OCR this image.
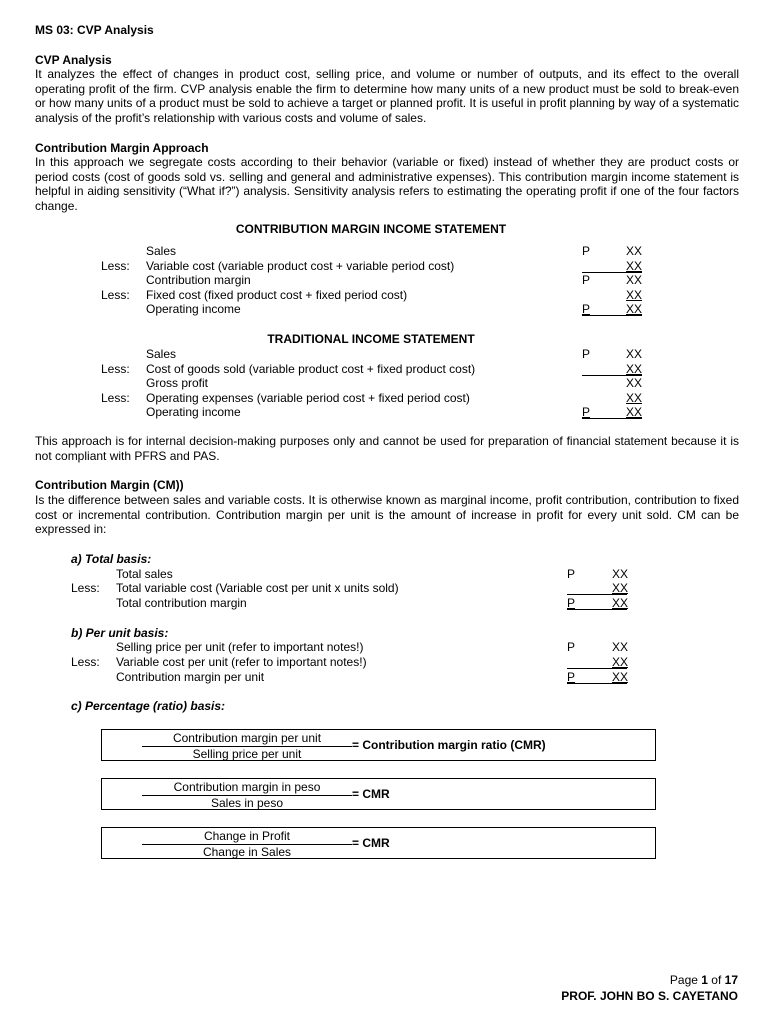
MS 03: CVP Analysis
CVP Analysis
It analyzes the effect of changes in product cost, selling price, and volume or number of outputs, and its effect to the overall operating profit of the firm. CVP analysis enable the firm to determine how many units of a new product must be sold to break-even or how many units of a product must be sold to achieve a target or planned profit. It is useful in profit planning by way of a systematic analysis of the profit’s relationship with various costs and volume of sales.
Contribution Margin Approach
In this approach we segregate costs according to their behavior (variable or fixed) instead of whether they are product costs or period costs (cost of goods sold vs. selling and general and administrative expenses). This contribution margin income statement is helpful in aiding sensitivity (“What if?”) analysis. Sensitivity analysis refers to estimating the operating profit if one of the four factors change.
CONTRIBUTION MARGIN INCOME STATEMENT
Sales	P	XX
Less: Variable cost (variable product cost + variable period cost)	XX
Contribution margin	P	XX
Less: Fixed cost (fixed product cost + fixed period cost)	XX
Operating income	P	XX
TRADITIONAL INCOME STATEMENT
Sales	P	XX
Less: Cost of goods sold (variable product cost + fixed product cost)	XX
Gross profit	XX
Less: Operating expenses (variable period cost + fixed period cost)	XX
Operating income	P	XX
This approach is for internal decision-making purposes only and cannot be used for preparation of financial statement because it is not compliant with PFRS and PAS.
Contribution Margin (CM))
Is the difference between sales and variable costs. It is otherwise known as marginal income, profit contribution, contribution to fixed cost or incremental contribution. Contribution margin per unit is the amount of increase in profit for every unit sold. CM can be expressed in:
a) Total basis:
Total sales	P	XX
Less: Total variable cost (Variable cost per unit x units sold)	XX
Total contribution margin	P	XX
b) Per unit basis:
Selling price per unit (refer to important notes!)	P	XX
Less: Variable cost per unit (refer to important notes!)	XX
Contribution margin per unit	P	XX
c) Percentage (ratio) basis:
Contribution margin per unit
Selling price per unit
= Contribution margin ratio (CMR)
Contribution margin in peso
Sales in peso
= CMR
Change in Profit
Change in Sales
= CMR
Page 1 of 17
PROF. JOHN BO S. CAYETANO
